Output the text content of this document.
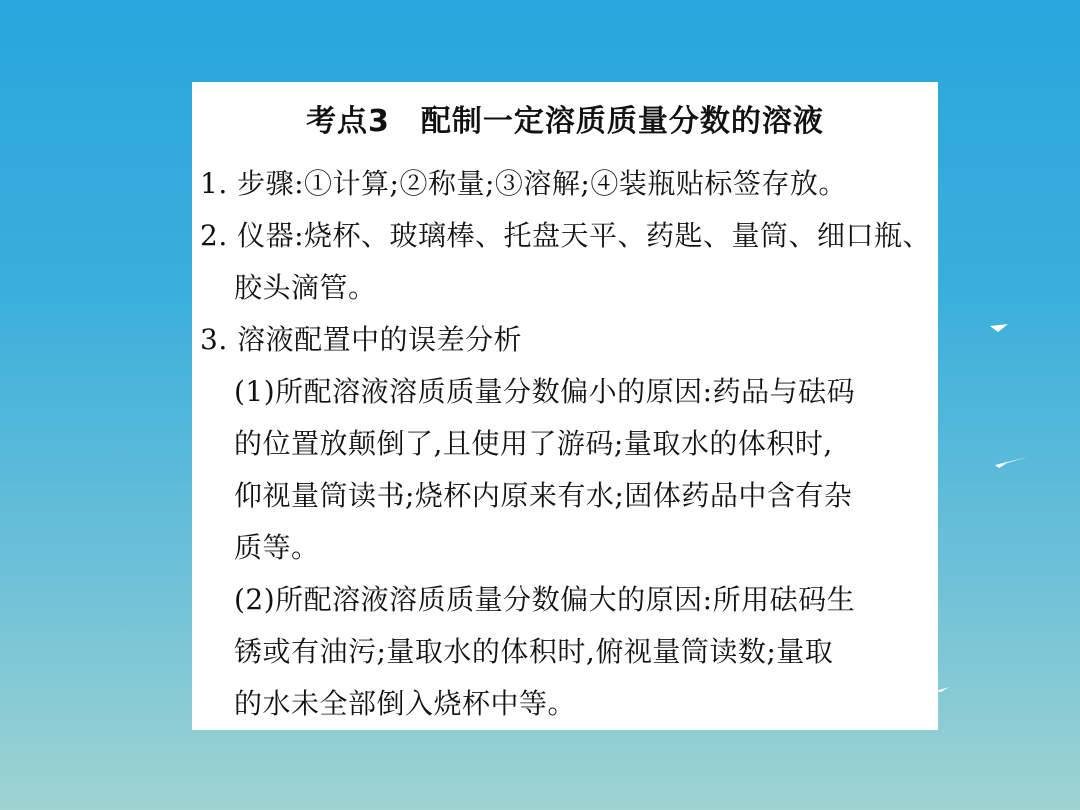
考点3　配制一定溶质质量分数的溶液
1. 步骤:①计算;②称量;③溶解;④装瓶贴标签存放。
2. 仪器:烧杯、玻璃棒、托盘天平、药匙、量筒、细口瓶、
胶头滴管。
3. 溶液配置中的误差分析
(1)所配溶液溶质质量分数偏小的原因:药品与砝码
的位置放颠倒了,且使用了游码;量取水的体积时,
仰视量筒读书;烧杯内原来有水;固体药品中含有杂
质等。
(2)所配溶液溶质质量分数偏大的原因:所用砝码生
锈或有油污;量取水的体积时,俯视量筒读数;量取
的水未全部倒入烧杯中等。
